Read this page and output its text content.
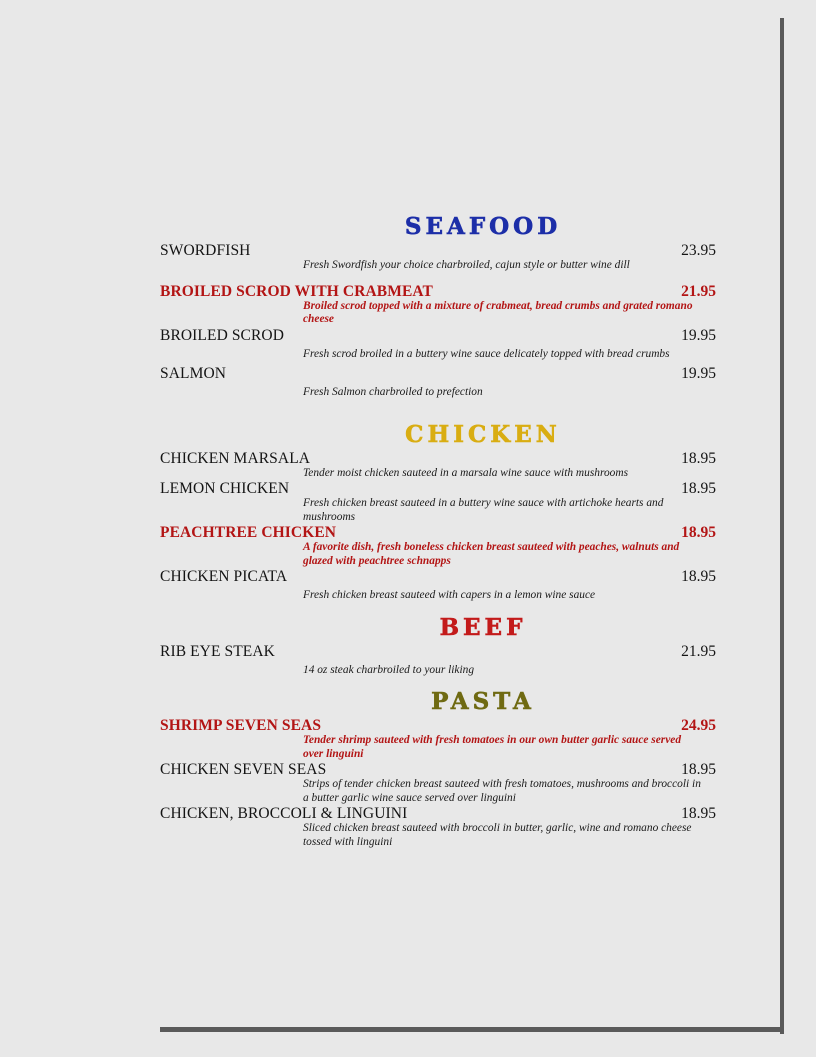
SEAFOOD
SWORDFISH	23.95
Fresh Swordfish your choice charbroiled, cajun style or butter wine dill
BROILED SCROD WITH CRABMEAT	21.95
Broiled scrod topped with a mixture of crabmeat, bread crumbs and grated romano cheese
BROILED SCROD	19.95
Fresh scrod broiled in a buttery wine sauce delicately topped with bread crumbs
SALMON	19.95
Fresh Salmon charbroiled to prefection
CHICKEN
CHICKEN MARSALA	18.95
Tender moist chicken sauteed in a marsala wine sauce with mushrooms
LEMON CHICKEN	18.95
Fresh chicken breast sauteed in a buttery wine sauce with artichoke hearts and mushrooms
PEACHTREE CHICKEN	18.95
A favorite dish, fresh boneless chicken breast sauteed with peaches, walnuts and glazed with peachtree schnapps
CHICKEN PICATA	18.95
Fresh chicken breast sauteed with capers in a lemon wine sauce
BEEF
RIB EYE STEAK	21.95
14 oz steak charbroiled to your liking
PASTA
SHRIMP SEVEN SEAS	24.95
Tender shrimp sauteed with fresh tomatoes in our own butter garlic sauce served over linguini
CHICKEN SEVEN SEAS	18.95
Strips of tender chicken breast sauteed with fresh tomatoes, mushrooms and broccoli in a butter garlic wine sauce served over linguini
CHICKEN, BROCCOLI & LINGUINI	18.95
Sliced chicken breast sauteed with broccoli in butter, garlic, wine and romano cheese tossed with linguini
